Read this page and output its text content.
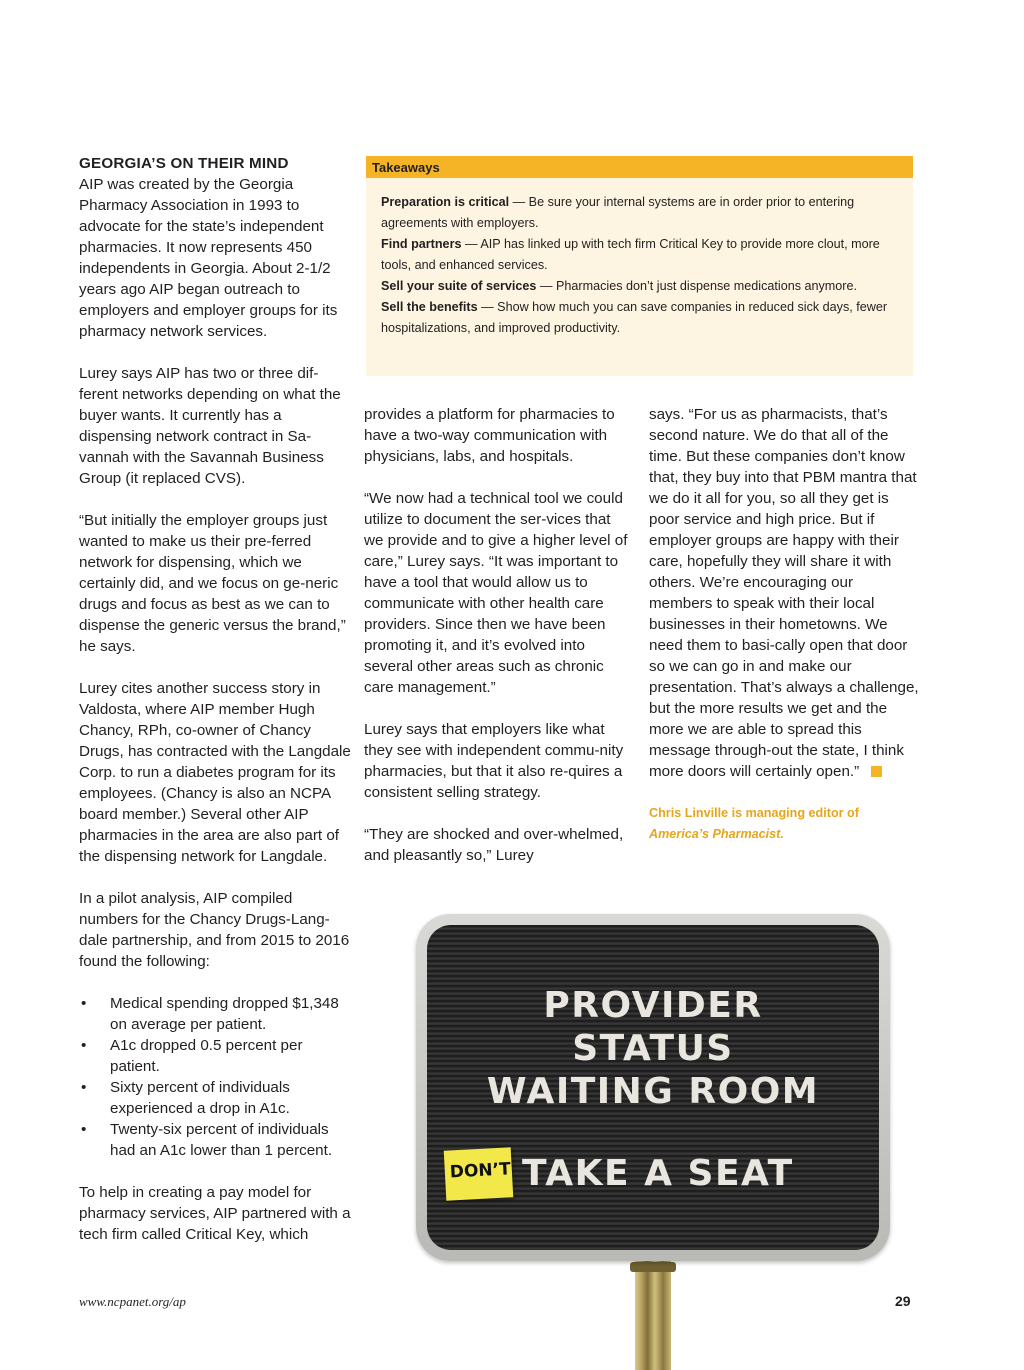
GEORGIA’S ON THEIR MIND

AIP was created by the Georgia Pharmacy Association in 1993 to advocate for the state’s independent pharmacies. It now represents 450 independents in Georgia. About 2-1/2 years ago AIP began outreach to employers and employer groups for its pharmacy network services.

Lurey says AIP has two or three dif-ferent networks depending on what the buyer wants. It currently has a dispensing network contract in Sa-vannah with the Savannah Business Group (it replaced CVS).

“But initially the employer groups just wanted to make us their pre-ferred network for dispensing, which we certainly did, and we focus on ge-neric drugs and focus as best as we can to dispense the generic versus the brand,” he says.

Lurey cites another success story in Valdosta, where AIP member Hugh Chancy, RPh, co-owner of Chancy Drugs, has contracted with the Langdale Corp. to run a diabetes program for its employees. (Chancy is also an NCPA board member.) Several other AIP pharmacies in the area are also part of the dispensing network for Langdale.

In a pilot analysis, AIP compiled numbers for the Chancy Drugs-Lang-dale partnership, and from 2015 to 2016 found the following:

• Medical spending dropped $1,348 on average per patient.
• A1c dropped 0.5 percent per patient.
• Sixty percent of individuals experienced a drop in A1c.
• Twenty-six percent of individuals had an A1c lower than 1 percent.

To help in creating a pay model for pharmacy services, AIP partnered with a tech firm called Critical Key, which

Takeaways
Preparation is critical — Be sure your internal systems are in order prior to entering agreements with employers.
Find partners — AIP has linked up with tech firm Critical Key to provide more clout, more tools, and enhanced services.
Sell your suite of services — Pharmacies don’t just dispense medications anymore.
Sell the benefits — Show how much you can save companies in reduced sick days, fewer hospitalizations, and improved productivity.

provides a platform for pharmacies to have a two-way communication with physicians, labs, and hospitals.

“We now had a technical tool we could utilize to document the ser-vices that we provide and to give a higher level of care,” Lurey says. “It was important to have a tool that would allow us to communicate with other health care providers. Since then we have been promoting it, and it’s evolved into several other areas such as chronic care management.”

Lurey says that employers like what they see with independent commu-nity pharmacies, but that it also re-quires a consistent selling strategy.

“They are shocked and over-whelmed, and pleasantly so,” Lurey

says. “For us as pharmacists, that’s second nature. We do that all of the time. But these companies don’t know that, they buy into that PBM mantra that we do it all for you, so all they get is poor service and high price. But if employer groups are happy with their care, hopefully they will share it with others. We’re encouraging our members to speak with their local businesses in their hometowns. We need them to basi-cally open that door so we can go in and make our presentation. That’s always a challenge, but the more results we get and the more we are able to spread this message through-out the state, I think more doors will certainly open.”
Chris Linville is managing editor of
America’s Pharmacist.
PROVIDER
STATUS
WAITING ROOM
DON’T TAKE A SEAT
www.ncpanet.org/ap	29
